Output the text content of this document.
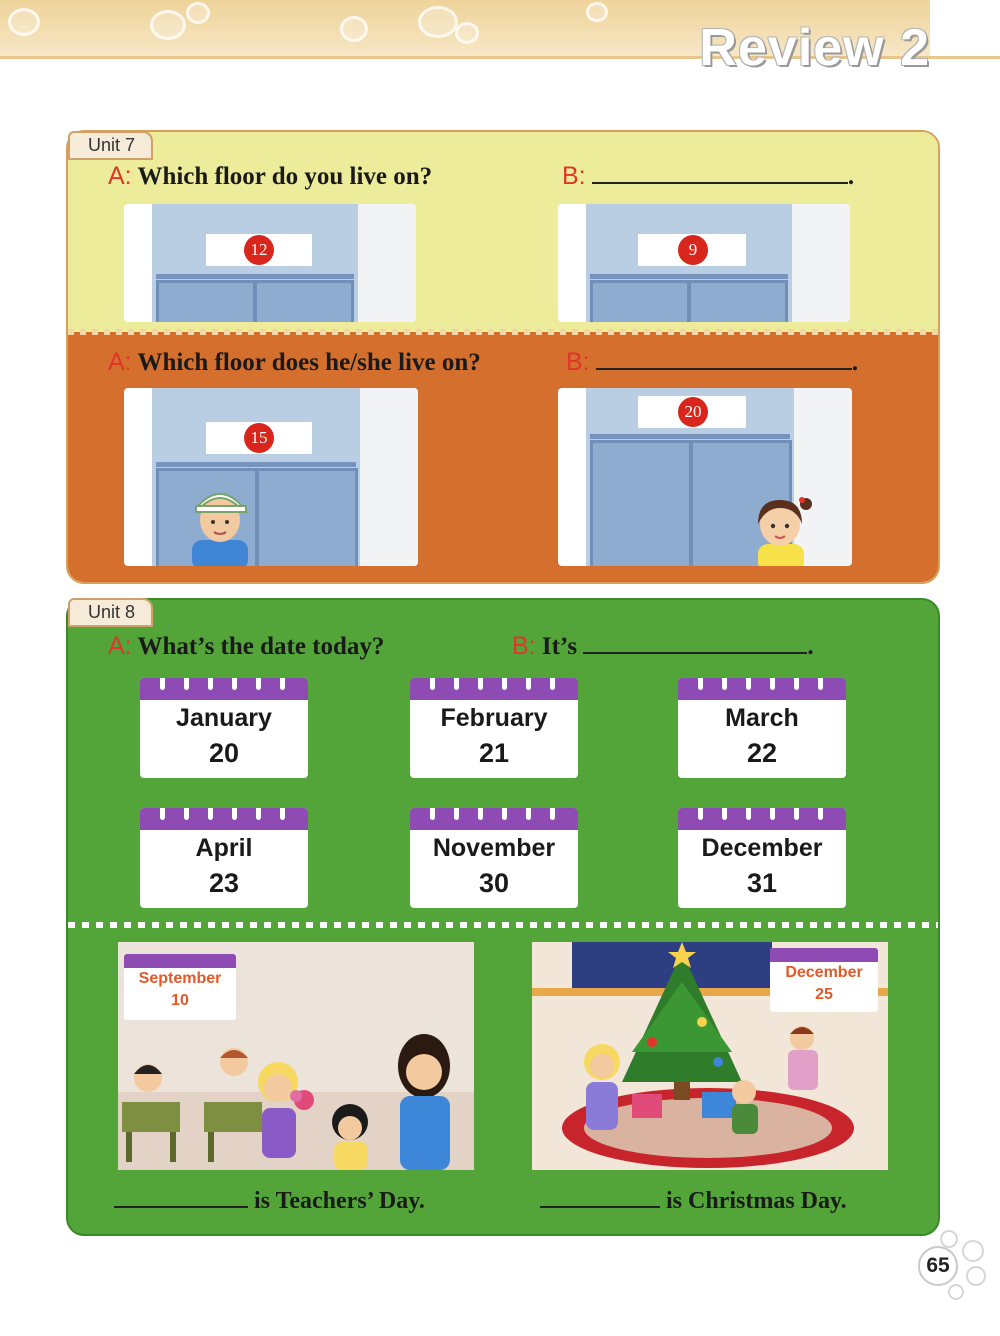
Review 2
A: Which floor do you live on?	B:	.
12	9
A: Which floor does he/she live on?	B:	.
15
20
Unit 7
A: What’s the date today?	B: It’s	.
January
20
February
21
March
22
April
23
November
30
December
31
September
10
December
25
is Teachers’ Day.	is Christmas Day.
Unit 8
65
